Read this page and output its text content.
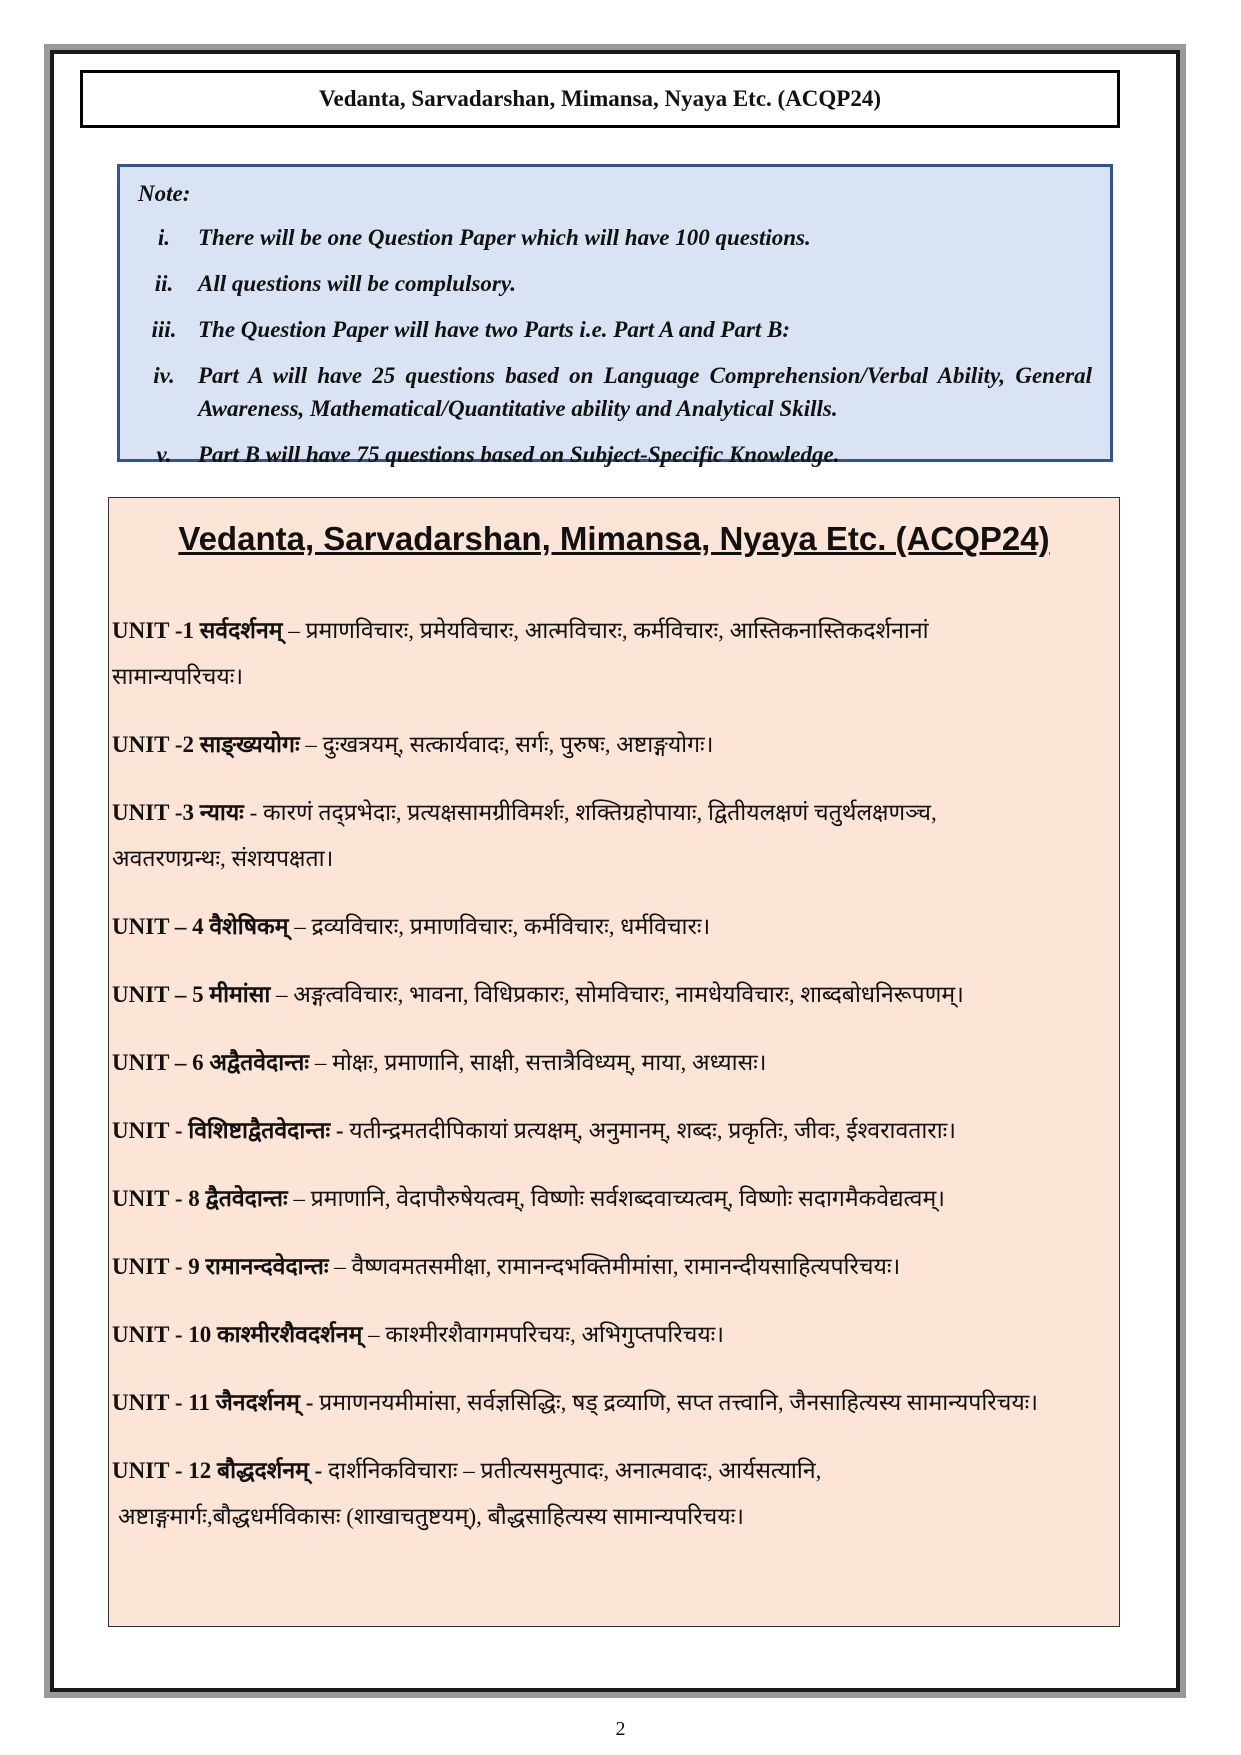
Vedanta, Sarvadarshan, Mimansa, Nyaya Etc. (ACQP24)
Note:
i.	There will be one Question Paper which will have 100 questions.
ii.	All questions will be complulsory.
iii. The Question Paper will have two Parts i.e. Part A and Part B:
iv.	Part A will have 25 questions based on Language Comprehension/Verbal Ability, General Awareness, Mathematical/Quantitative ability and Analytical Skills.
v.	Part B will have 75 questions based on Subject-Specific Knowledge.
Vedanta, Sarvadarshan, Mimansa, Nyaya Etc. (ACQP24)
UNIT -1 सर्वदर्शनम् – प्रमाणविचारः, प्रमेयविचारः, आत्मविचारः, कर्मविचारः, आस्तिकनास्तिकदर्शनानां
सामान्यपरिचयः।
UNIT -2 साङ्ख्ययोगः – दुःखत्रयम्, सत्कार्यवादः, सर्गः, पुरुषः, अष्टाङ्गयोगः।
UNIT -3 न्यायः - कारणं तद्प्रभेदाः, प्रत्यक्षसामग्रीविमर्शः, शक्तिग्रहोपायाः, द्वितीयलक्षणं चतुर्थलक्षणञ्च,
अवतरणग्रन्थः, संशयपक्षता।
UNIT – 4 वैशेषिकम् – द्रव्यविचारः, प्रमाणविचारः, कर्मविचारः, धर्मविचारः।
UNIT – 5 मीमांसा – अङ्गत्वविचारः, भावना, विधिप्रकारः, सोमविचारः, नामधेयविचारः, शाब्दबोधनिरूपणम्।
UNIT – 6 अद्वैतवेदान्तः – मोक्षः, प्रमाणानि, साक्षी, सत्तात्रैविध्यम्, माया, अध्यासः।
UNIT - विशिष्टाद्वैतवेदान्तः - यतीन्द्रमतदीपिकायां प्रत्यक्षम्, अनुमानम्, शब्दः, प्रकृतिः, जीवः, ईश्वरावताराः।
UNIT - 8 द्वैतवेदान्तः – प्रमाणानि, वेदापौरुषेयत्वम्, विष्णोः सर्वशब्दवाच्यत्वम्, विष्णोः सदागमैकवेद्यत्वम्।
UNIT - 9 रामानन्दवेदान्तः – वैष्णवमतसमीक्षा, रामानन्दभक्तिमीमांसा, रामानन्दीयसाहित्यपरिचयः।
UNIT - 10 काश्मीरशैवदर्शनम् – काश्मीरशैवागमपरिचयः, अभिगुप्तपरिचयः।
UNIT - 11 जैनदर्शनम् - प्रमाणनयमीमांसा, सर्वज्ञसिद्धिः, षड् द्रव्याणि, सप्त तत्त्वानि, जैनसाहित्यस्य सामान्यपरिचयः।
UNIT - 12 बौद्धदर्शनम् - दार्शनिकविचाराः – प्रतीत्यसमुत्पादः, अनात्मवादः, आर्यसत्यानि,
अष्टाङ्गमार्गः,बौद्धधर्मविकासः (शाखाचतुष्टयम्), बौद्धसाहित्यस्य सामान्यपरिचयः।
2
